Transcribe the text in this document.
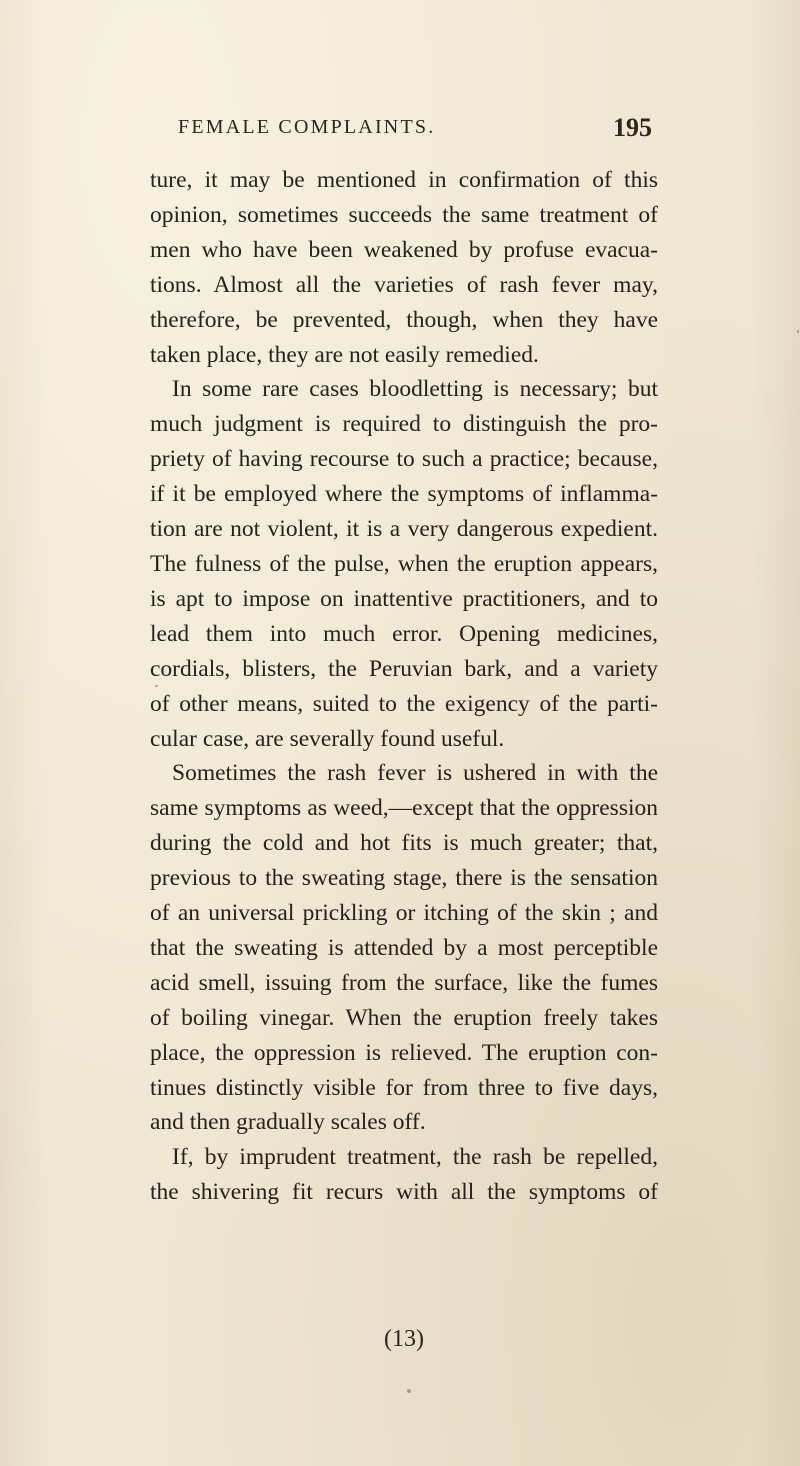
FEMALE COMPLAINTS.	195
ture, it may be mentioned in confirmation of this
opinion, sometimes succeeds the same treatment of
men who have been weakened by profuse evacua-
tions. Almost all the varieties of rash fever may,
therefore, be prevented, though, when they have
taken place, they are not easily remedied.
In some rare cases bloodletting is necessary; but
much judgment is required to distinguish the pro-
priety of having recourse to such a practice; because,
if it be employed where the symptoms of inflamma-
tion are not violent, it is a very dangerous expedient.
The fulness of the pulse, when the eruption appears,
is apt to impose on inattentive practitioners, and to
lead them into much error. Opening medicines,
cordials, blisters, the Peruvian bark, and a variety
of other means, suited to the exigency of the parti-
cular case, are severally found useful.
Sometimes the rash fever is ushered in with the
same symptoms as weed,—except that the oppression
during the cold and hot fits is much greater; that,
previous to the sweating stage, there is the sensation
of an universal prickling or itching of the skin ; and
that the sweating is attended by a most perceptible
acid smell, issuing from the surface, like the fumes
of boiling vinegar. When the eruption freely takes
place, the oppression is relieved. The eruption con-
tinues distinctly visible for from three to five days,
and then gradually scales off.
If, by imprudent treatment, the rash be repelled,
the shivering fit recurs with all the symptoms of
(13)
